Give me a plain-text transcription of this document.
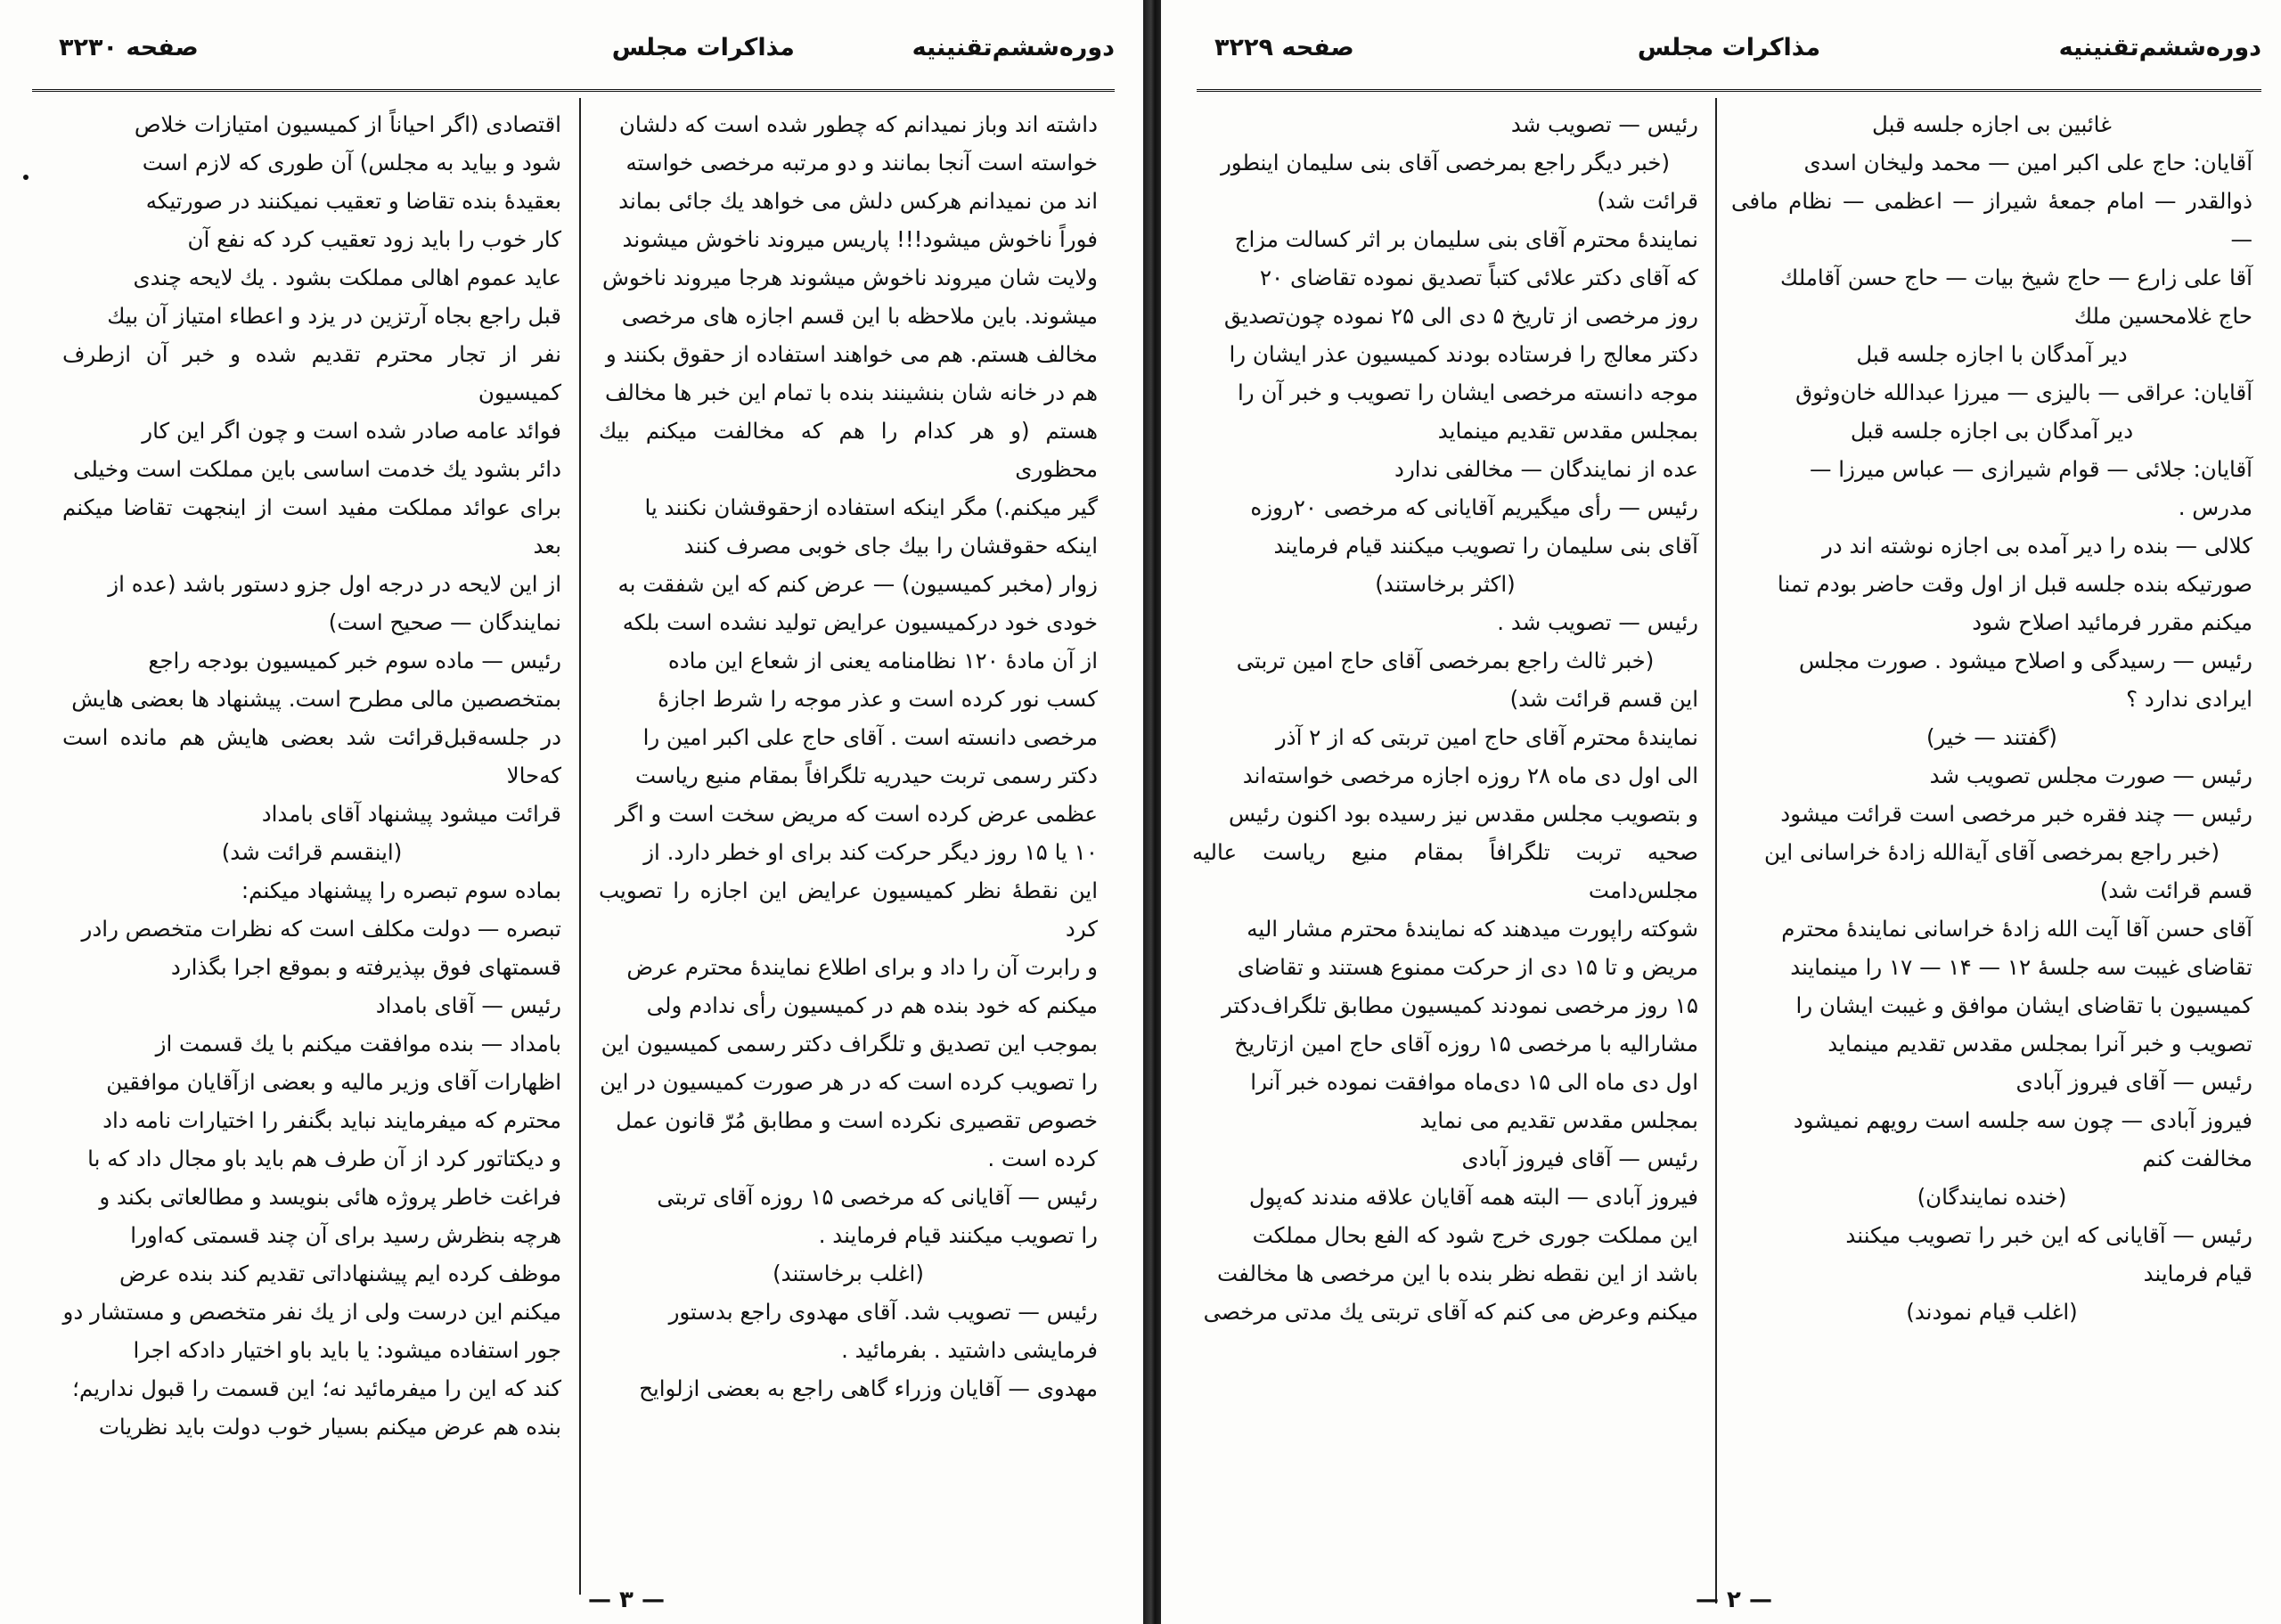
دوره‌ششم‌تقنینیه
مذاکرات مجلس
صفحه ۳۲۳۰

داشته اند وباز نمیدانم که چطور شده است که دلشان

خواسته است آنجا بمانند و دو مرتبه مرخصی خواسته

اند من نمیدانم هرکس دلش می خواهد یك جائی بماند

فوراً ناخوش میشود!!! پاریس میروند ناخوش میشوند

ولایت شان میروند ناخوش میشوند هرجا میروند ناخوش

میشوند. باین ملاحظه با این قسم اجازه های مرخصی

مخالف هستم. هم می خواهند استفاده از حقوق بکنند و

هم در خانه شان بنشینند بنده با تمام این خبر ها مخالف

هستم (و هر کدام را هم که مخالفت میکنم بیك محظوری

گیر میکنم.) مگر اینکه استفاده ازحقوقشان نکنند یا

اینکه حقوقشان را بیك جای خوبی مصرف کنند

زوار (مخبر کمیسیون) — عرض کنم که این شفقت به

خودی خود درکمیسیون عرایض تولید نشده است بلکه

از آن مادهٔ ۱۲۰ نظامنامه یعنی از شعاع این ماده

کسب نور کرده است و عذر موجه را شرط اجازهٔ

مرخصی دانسته است . آقای حاج علی اکبر امین را

دکتر رسمی تربت حیدریه تلگرافاً بمقام منیع ریاست

عظمی عرض کرده است که مریض سخت است و اگر

۱۰ یا ۱۵ روز دیگر حرکت کند برای او خطر دارد. از

این نقطهٔ نظر کمیسیون عرایض این اجازه را تصویب کرد

و رابرت آن را داد و برای اطلاع نمایندهٔ محترم عرض

میکنم که خود بنده هم در کمیسیون رأی ندادم ولی

بموجب این تصدیق و تلگراف دکتر رسمی کمیسیون این

را تصویب کرده است که در هر صورت کمیسیون در این

خصوص تقصیری نکرده است و مطابق مُرّ قانون عمل

کرده است .

رئیس — آقایانی که مرخصی ۱۵ روزه آقای تربتی

را تصویب میکنند قیام فرمایند .

(اغلب برخاستند)

رئیس — تصویب شد. آقای مهدوی راجع بدستور

فرمایشی داشتید . بفرمائید .

مهدوی — آقایان وزراء گاهی راجع به بعضی ازلوایح

اقتصادی (اگر احیاناً از کمیسیون امتیازات خلاص

شود و بیاید به مجلس) آن طوری که لازم است

بعقیدهٔ بنده تقاضا و تعقیب نمیکنند در صورتیکه

کار خوب را باید زود تعقیب کرد که نفع آن

عاید عموم اهالی مملکت بشود . یك لایحه چندی

قبل راجع بجاه آرتزین در یزد و اعطاء امتیاز آن بیك

نفر از تجار محترم تقدیم شده و خبر آن ازطرف کمیسیون

فوائد عامه صادر شده است و چون اگر این کار

دائر بشود یك خدمت اساسی باین مملکت است وخیلی

برای عوائد مملکت مفید است از اینجهت تقاضا میکنم بعد

از این لایحه در درجه اول جزو دستور باشد (عده از

نمایندگان — صحیح است)

رئیس — ماده سوم خبر کمیسیون بودجه راجع

بمتخصصین مالی مطرح است. پیشنهاد ها بعضی هایش

در جلسه‌قبل‌قرائت شد بعضی هایش هم مانده است که‌حالا

قرائت میشود پیشنهاد آقای بامداد

(اینقسم قرائت شد)

بماده سوم تبصره را پیشنهاد میکنم:

تبصره — دولت مکلف است که نظرات متخصص رادر

قسمتهای فوق بپذیرفته و بموقع اجرا بگذارد

رئیس — آقای بامداد

بامداد — بنده موافقت میکنم با یك قسمت از

اظهارات آقای وزیر مالیه و بعضی ازآقایان موافقین

محترم که میفرمایند نباید بگنفر را اختیارات نامه داد

و دیکتاتور کرد از آن طرف هم باید باو مجال داد که با

فراغت خاطر پروژه هائی بنویسد و مطالعاتی بکند و

هرچه بنظرش رسید برای آن چند قسمتی که‌اورا

موظف کرده ایم پیشنهاداتی تقدیم کند بنده عرض

میکنم این درست ولی از یك نفر متخصص و مستشار دو

جور استفاده میشود: یا باید باو اختیار دادکه اجرا

کند که این را میفرمائید نه؛ این قسمت را قبول نداریم؛

بنده هم عرض میکنم بسیار خوب دولت باید نظریات

— ۳ —
دوره‌ششم‌تقنینیه
مذاکرات مجلس
صفحه ۳۲۲۹

غائبین بی اجازه جلسه قبل

آقایان: حاج علی اکبر امین — محمد ولیخان اسدی

ذوالقدر — امام جمعهٔ شیراز — اعظمی — نظام مافی —

آقا علی زارع — حاج شیخ بیات — حاج حسن آقاملك

حاج غلامحسین ملك

دیر آمدگان با اجازه جلسه قبل

آقایان: عراقی — بالیزی — میرزا عبدالله خان‌وثوق

دیر آمدگان بی اجازه جلسه قبل

آقایان: جلائی — قوام شیرازی — عباس میرزا —

مدرس .

کلالی — بنده را دیر آمده بی اجازه نوشته اند در

صورتیکه بنده جلسه قبل از اول وقت حاضر بودم تمنا

میکنم مقرر فرمائید اصلاح شود

رئیس — رسیدگی و اصلاح میشود . صورت مجلس

ایرادی ندارد ؟

(گفتند — خیر)

رئیس — صورت مجلس تصویب شد

رئیس — چند فقره خبر مرخصی است قرائت میشود

(خبر راجع بمرخصی آقای آیةالله زادهٔ خراسانی این

قسم قرائت شد)

آقای حسن آقا آیت الله زادهٔ خراسانی نمایندهٔ محترم

تقاضای غیبت سه جلسهٔ ۱۲ — ۱۴ — ۱۷ را مینمایند

کمیسیون با تقاضای ایشان موافق و غیبت ایشان را

تصویب و خبر آنرا بمجلس مقدس تقدیم مینماید

رئیس — آقای فیروز آبادی

فیروز آبادی — چون سه جلسه است رویهم نمیشود

مخالفت کنم

(خنده نمایندگان)

رئیس — آقایانی که این خبر را تصویب میکنند

قیام فرمایند

(اغلب قیام نمودند)

رئیس — تصویب شد

(خبر دیگر راجع بمرخصی آقای بنی سلیمان اینطور

قرائت شد)

نمایندهٔ محترم آقای بنی سلیمان بر اثر کسالت مزاج

که آقای دکتر علائی کتباً تصدیق نموده تقاضای ۲۰

روز مرخصی از تاریخ ۵ دی الی ۲۵ نموده چون‌تصدیق

دکتر معالج را فرستاده بودند کمیسیون عذر ایشان را

موجه دانسته مرخصی ایشان را تصویب و خبر آن را

بمجلس مقدس تقدیم مینماید

عده از نمایندگان — مخالفی ندارد

رئیس — رأی میگیریم آقایانی که مرخصی ۲۰روزه

آقای بنی سلیمان را تصویب میکنند قیام فرمایند

(اکثر برخاستند)

رئیس — تصویب شد .

(خبر ثالث راجع بمرخصی آقای حاج امین تربتی

این قسم قرائت شد)

نمایندهٔ محترم آقای حاج امین تربتی که از ۲ آذر

الی اول دی ماه ۲۸ روزه اجازه مرخصی خواسته‌اند

و بتصویب مجلس مقدس نیز رسیده بود اکنون رئیس

صحیه تربت تلگرافاً بمقام منیع ریاست عالیه مجلس‌دامت

شوکته راپورت میدهند که نمایندهٔ محترم مشار الیه

مریض و تا ۱۵ دی از حرکت ممنوع هستند و تقاضای

۱۵ روز مرخصی نمودند کمیسیون مطابق تلگراف‌دکتر

مشارالیه با مرخصی ۱۵ روزه آقای حاج امین ازتاریخ

اول دی ماه الی ۱۵ دی‌ماه موافقت نموده خبر آنرا

بمجلس مقدس تقدیم می نماید

رئیس — آقای فیروز آبادی

فیروز آبادی — البته همه آقایان علاقه مندند که‌پول

این مملکت جوری خرج شود که الفع بحال مملکت

باشد از این نقطه نظر بنده با این مرخصی ها مخالفت

میکنم وعرض می کنم که آقای تربتی یك مدتی مرخصی

— ۲ —
